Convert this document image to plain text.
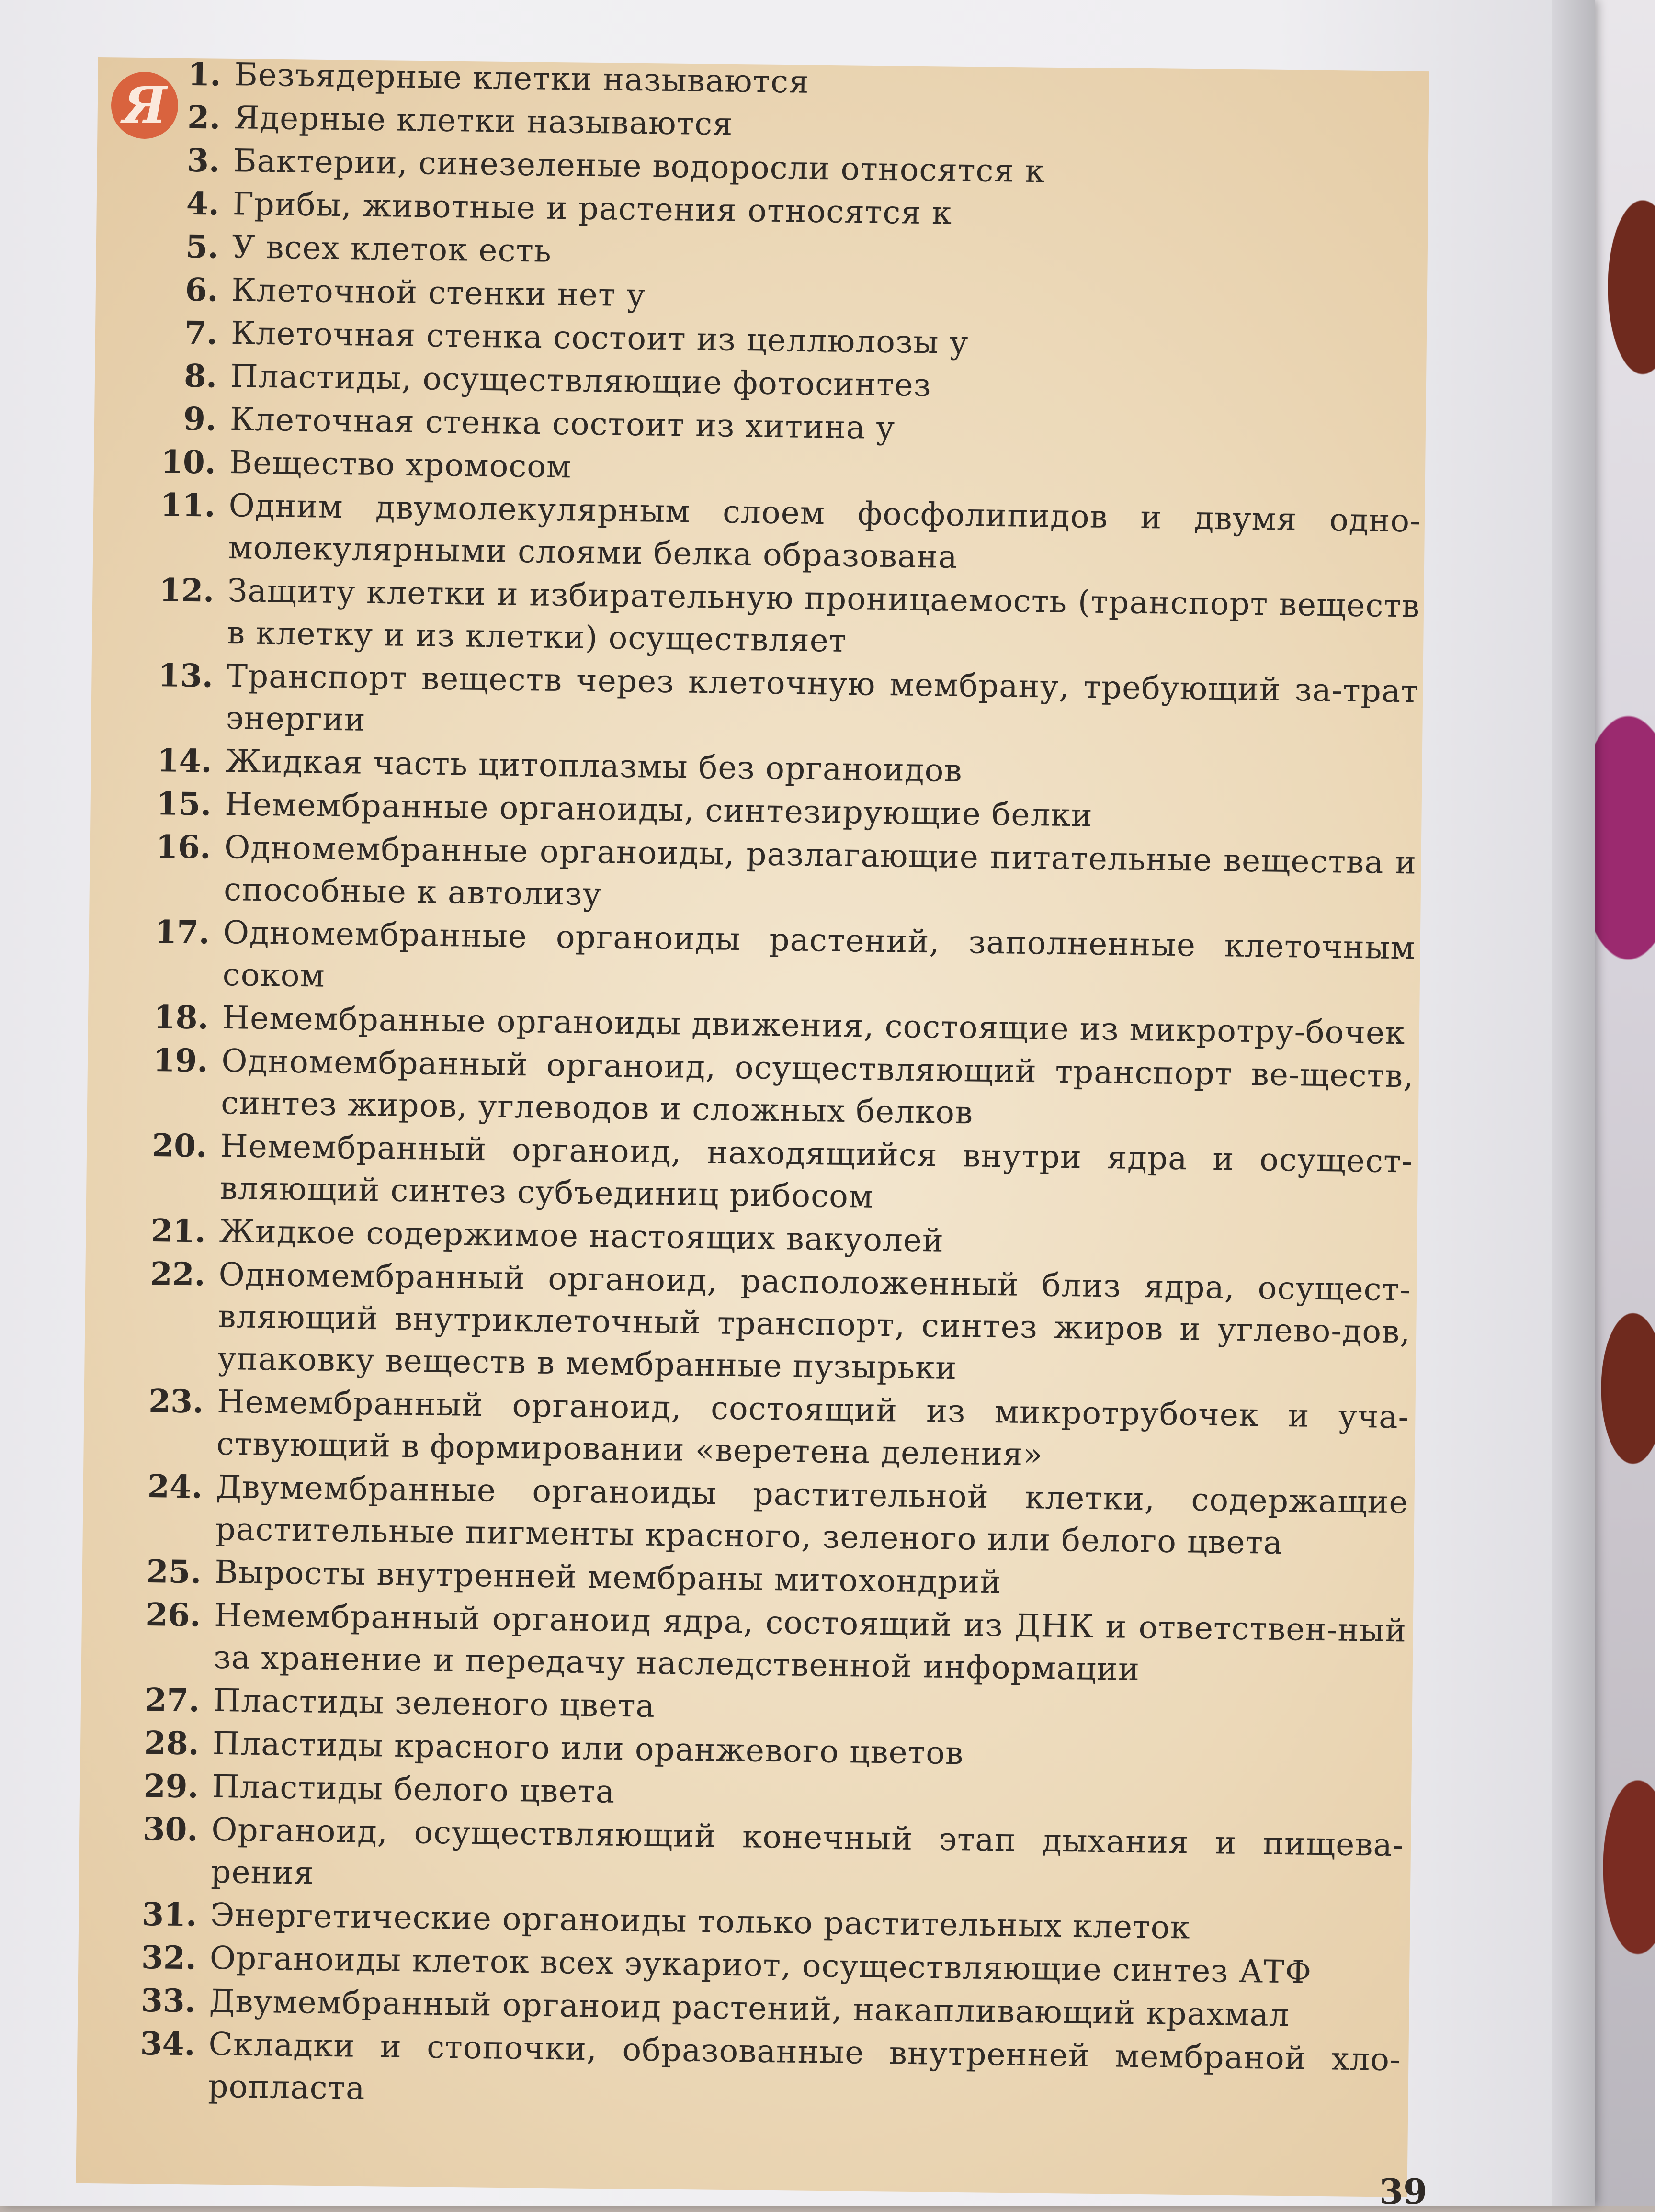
Я
1. Безъядерные клетки называются
2. Ядерные клетки называются
3. Бактерии, синезеленые водоросли относятся к
4. Грибы, животные и растения относятся к
5. У всех клеток есть
6. Клеточной стенки нет у
7. Клеточная стенка состоит из целлюлозы у
8. Пластиды, осуществляющие фотосинтез
9. Клеточная стенка состоит из хитина у
10. Вещество хромосом
11. Одним двумолекулярным слоем фосфолипидов и двумя одно-молекулярными слоями белка образована
12. Защиту клетки и избирательную проницаемость (транспорт веществ в клетку и из клетки) осуществляет
13. Транспорт веществ через клеточную мембрану, требующий за-трат энергии
14. Жидкая часть цитоплазмы без органоидов
15. Немембранные органоиды, синтезирующие белки
16. Одномембранные органоиды, разлагающие питательные вещества и способные к автолизу
17. Одномембранные органоиды растений, заполненные клеточным соком
18. Немембранные органоиды движения, состоящие из микротру-бочек
19. Одномембранный органоид, осуществляющий транспорт ве-ществ, синтез жиров, углеводов и сложных белков
20. Немембранный органоид, находящийся внутри ядра и осущест-вляющий синтез субъединиц рибосом
21. Жидкое содержимое настоящих вакуолей
22. Одномембранный органоид, расположенный близ ядра, осущест-вляющий внутриклеточный транспорт, синтез жиров и углево-дов, упаковку веществ в мембранные пузырьки
23. Немембранный органоид, состоящий из микротрубочек и уча-ствующий в формировании «веретена деления»
24. Двумембранные органоиды растительной клетки, содержащие растительные пигменты красного, зеленого или белого цвета
25. Выросты внутренней мембраны митохондрий
26. Немембранный органоид ядра, состоящий из ДНК и ответствен-ный за хранение и передачу наследственной информации
27. Пластиды зеленого цвета
28. Пластиды красного или оранжевого цветов
29. Пластиды белого цвета
30. Органоид, осуществляющий конечный этап дыхания и пищева-рения
31. Энергетические органоиды только растительных клеток
32. Органоиды клеток всех эукариот, осуществляющие синтез АТФ
33. Двумембранный органоид растений, накапливающий крахмал
34. Складки и стопочки, образованные внутренней мембраной хло-ропласта
39
